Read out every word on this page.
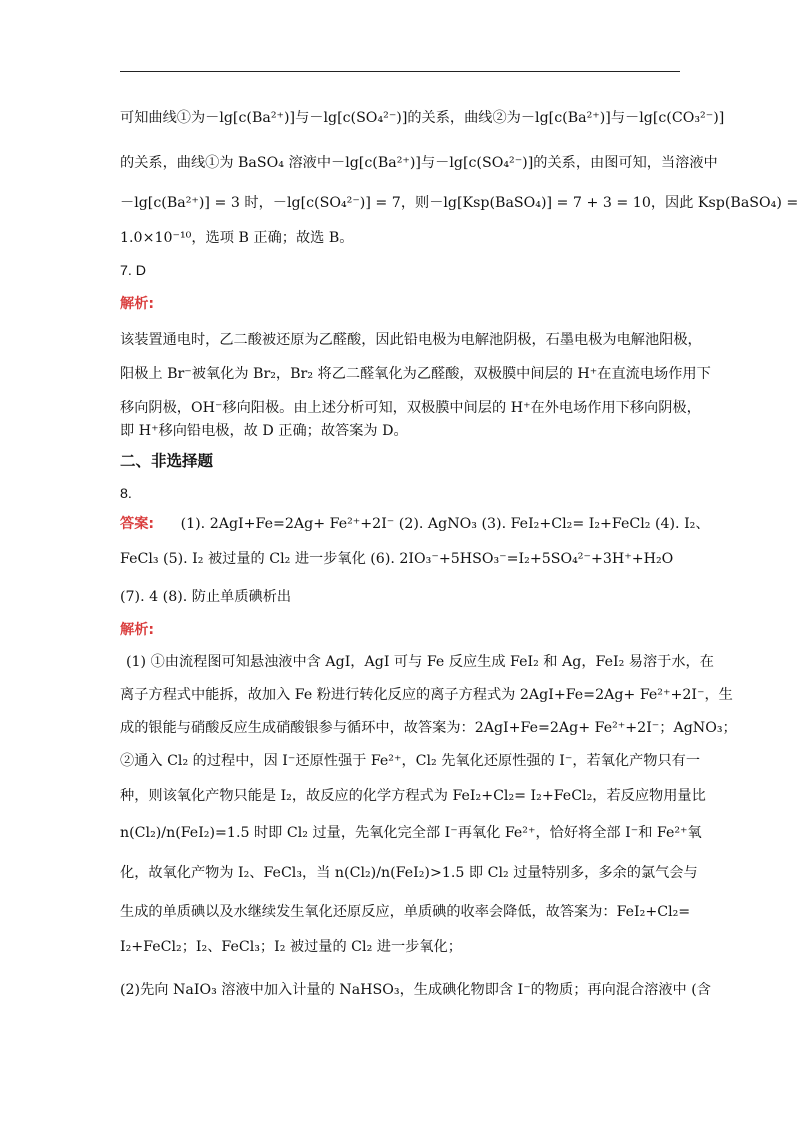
可知曲线①为－lg[c(Ba²⁺)]与－lg[c(SO₄²⁻)]的关系，曲线②为－lg[c(Ba²⁺)]与－lg[c(CO₃²⁻)]
的关系，曲线①为 BaSO₄ 溶液中－lg[c(Ba²⁺)]与－lg[c(SO₄²⁻)]的关系，由图可知，当溶液中
－lg[c(Ba²⁺)] = 3 时，－lg[c(SO₄²⁻)] = 7，则－lg[Ksp(BaSO₄)] = 7 + 3 = 10，因此 Ksp(BaSO₄) =
1.0×10⁻¹⁰，选项 B 正确；故选 B。
7. D
解析:
该装置通电时，乙二酸被还原为乙醛酸，因此铅电极为电解池阴极，石墨电极为电解池阳极，
阳极上 Br⁻被氧化为 Br₂，Br₂ 将乙二醛氧化为乙醛酸，双极膜中间层的 H⁺在直流电场作用下
移向阴极，OH⁻移向阳极。由上述分析可知，双极膜中间层的 H⁺在外电场作用下移向阴极，
即 H⁺移向铅电极，故 D 正确；故答案为 D。
二、非选择题
8.
答案: (1). 2AgI+Fe=2Ag+ Fe²⁺+2I⁻ (2). AgNO₃ (3). FeI₂+Cl₂= I₂+FeCl₂ (4). I₂、
FeCl₃ (5). I₂ 被过量的 Cl₂ 进一步氧化 (6). 2IO₃⁻+5HSO₃⁻=I₂+5SO₄²⁻+3H⁺+H₂O
(7). 4 (8). 防止单质碘析出
解析:
(1) ①由流程图可知悬浊液中含 AgI，AgI 可与 Fe 反应生成 FeI₂ 和 Ag，FeI₂ 易溶于水，在
离子方程式中能拆，故加入 Fe 粉进行转化反应的离子方程式为 2AgI+Fe=2Ag+ Fe²⁺+2I⁻，生
成的银能与硝酸反应生成硝酸银参与循环中，故答案为：2AgI+Fe=2Ag+ Fe²⁺+2I⁻；AgNO₃；
②通入 Cl₂ 的过程中，因 I⁻还原性强于 Fe²⁺，Cl₂ 先氧化还原性强的 I⁻，若氧化产物只有一
种，则该氧化产物只能是 I₂，故反应的化学方程式为 FeI₂+Cl₂= I₂+FeCl₂，若反应物用量比
n(Cl₂)/n(FeI₂)=1.5 时即 Cl₂ 过量，先氧化完全部 I⁻再氧化 Fe²⁺，恰好将全部 I⁻和 Fe²⁺氧
化，故氧化产物为 I₂、FeCl₃，当 n(Cl₂)/n(FeI₂)>1.5 即 Cl₂ 过量特别多，多余的氯气会与
生成的单质碘以及水继续发生氧化还原反应，单质碘的收率会降低，故答案为：FeI₂+Cl₂=
I₂+FeCl₂；I₂、FeCl₃；I₂ 被过量的 Cl₂ 进一步氧化；
(2)先向 NaIO₃ 溶液中加入计量的 NaHSO₃，生成碘化物即含 I⁻的物质；再向混合溶液中 (含
